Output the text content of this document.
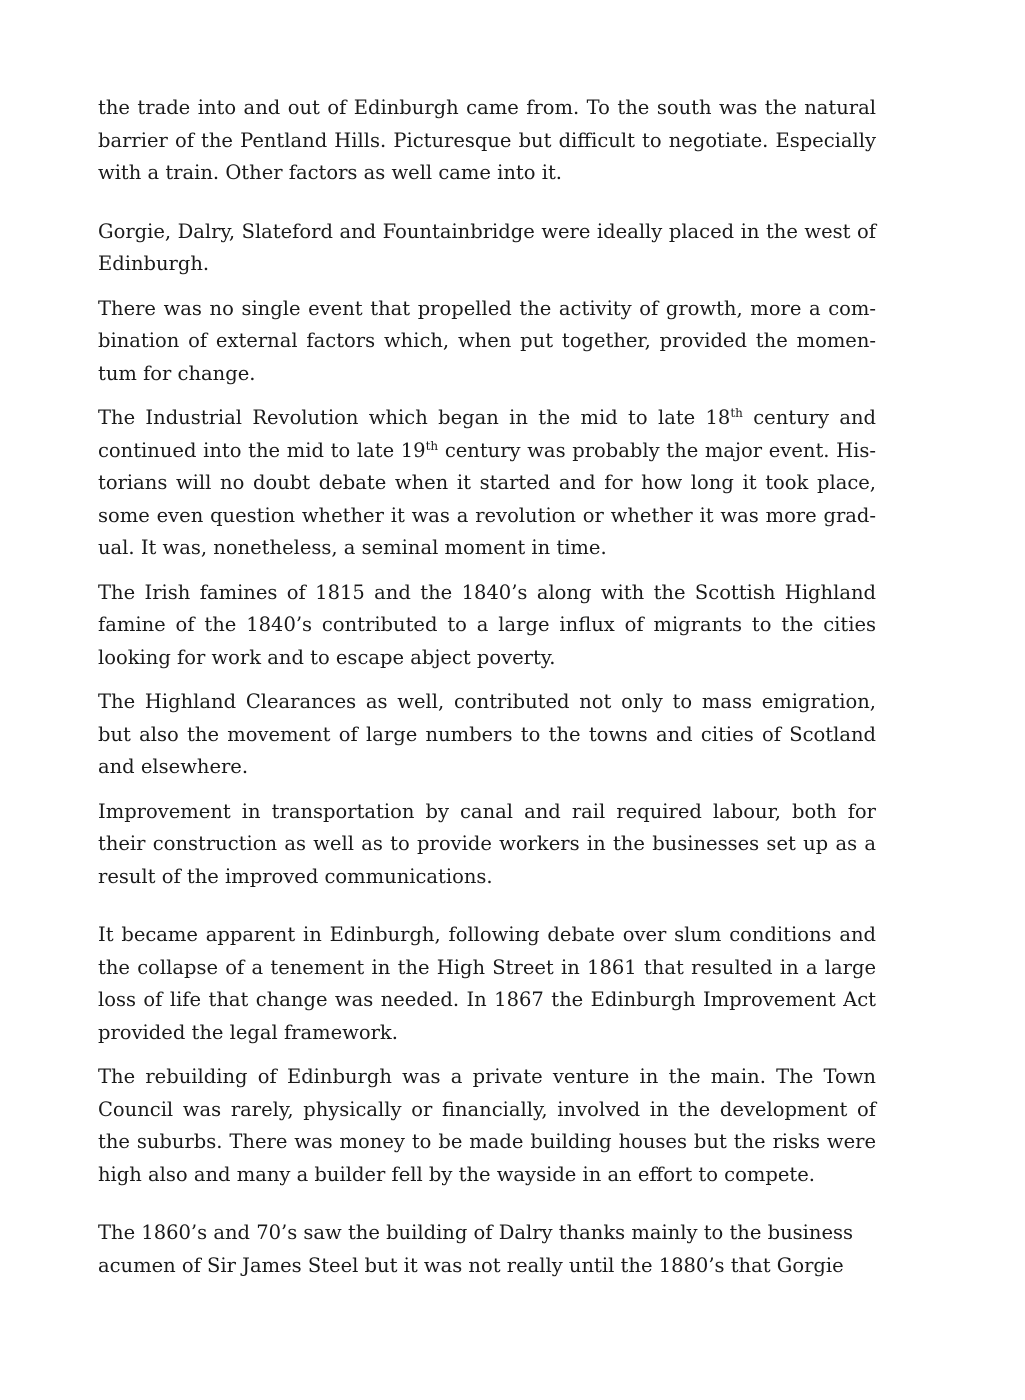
the trade into and out of Edinburgh came from. To the south was the natural barrier of the Pentland Hills. Picturesque but difficult to negotiate. Especially with a train. Other factors as well came into it.

Gorgie, Dalry, Slateford and Fountainbridge were ideally placed in the west of Edinburgh.

There was no single event that propelled the activity of growth, more a combination of external factors which, when put together, provided the momentum for change.

The Industrial Revolution which began in the mid to late 18th century and continued into the mid to late 19th century was probably the major event. Historians will no doubt debate when it started and for how long it took place, some even question whether it was a revolution or whether it was more gradual. It was, nonetheless, a seminal moment in time.

The Irish famines of 1815 and the 1840’s along with the Scottish Highland famine of the 1840’s contributed to a large influx of migrants to the cities looking for work and to escape abject poverty.

The Highland Clearances as well, contributed not only to mass emigration, but also the movement of large numbers to the towns and cities of Scotland and elsewhere.

Improvement in transportation by canal and rail required labour, both for their construction as well as to provide workers in the businesses set up as a result of the improved communications.

It became apparent in Edinburgh, following debate over slum conditions and the collapse of a tenement in the High Street in 1861 that resulted in a large loss of life that change was needed. In 1867 the Edinburgh Improvement Act provided the legal framework.

The rebuilding of Edinburgh was a private venture in the main. The Town Council was rarely, physically or financially, involved in the development of the suburbs. There was money to be made building houses but the risks were high also and many a builder fell by the wayside in an effort to compete.

The 1860’s and 70’s saw the building of Dalry thanks mainly to the business acumen of Sir James Steel but it was not really until the 1880’s that Gorgie
